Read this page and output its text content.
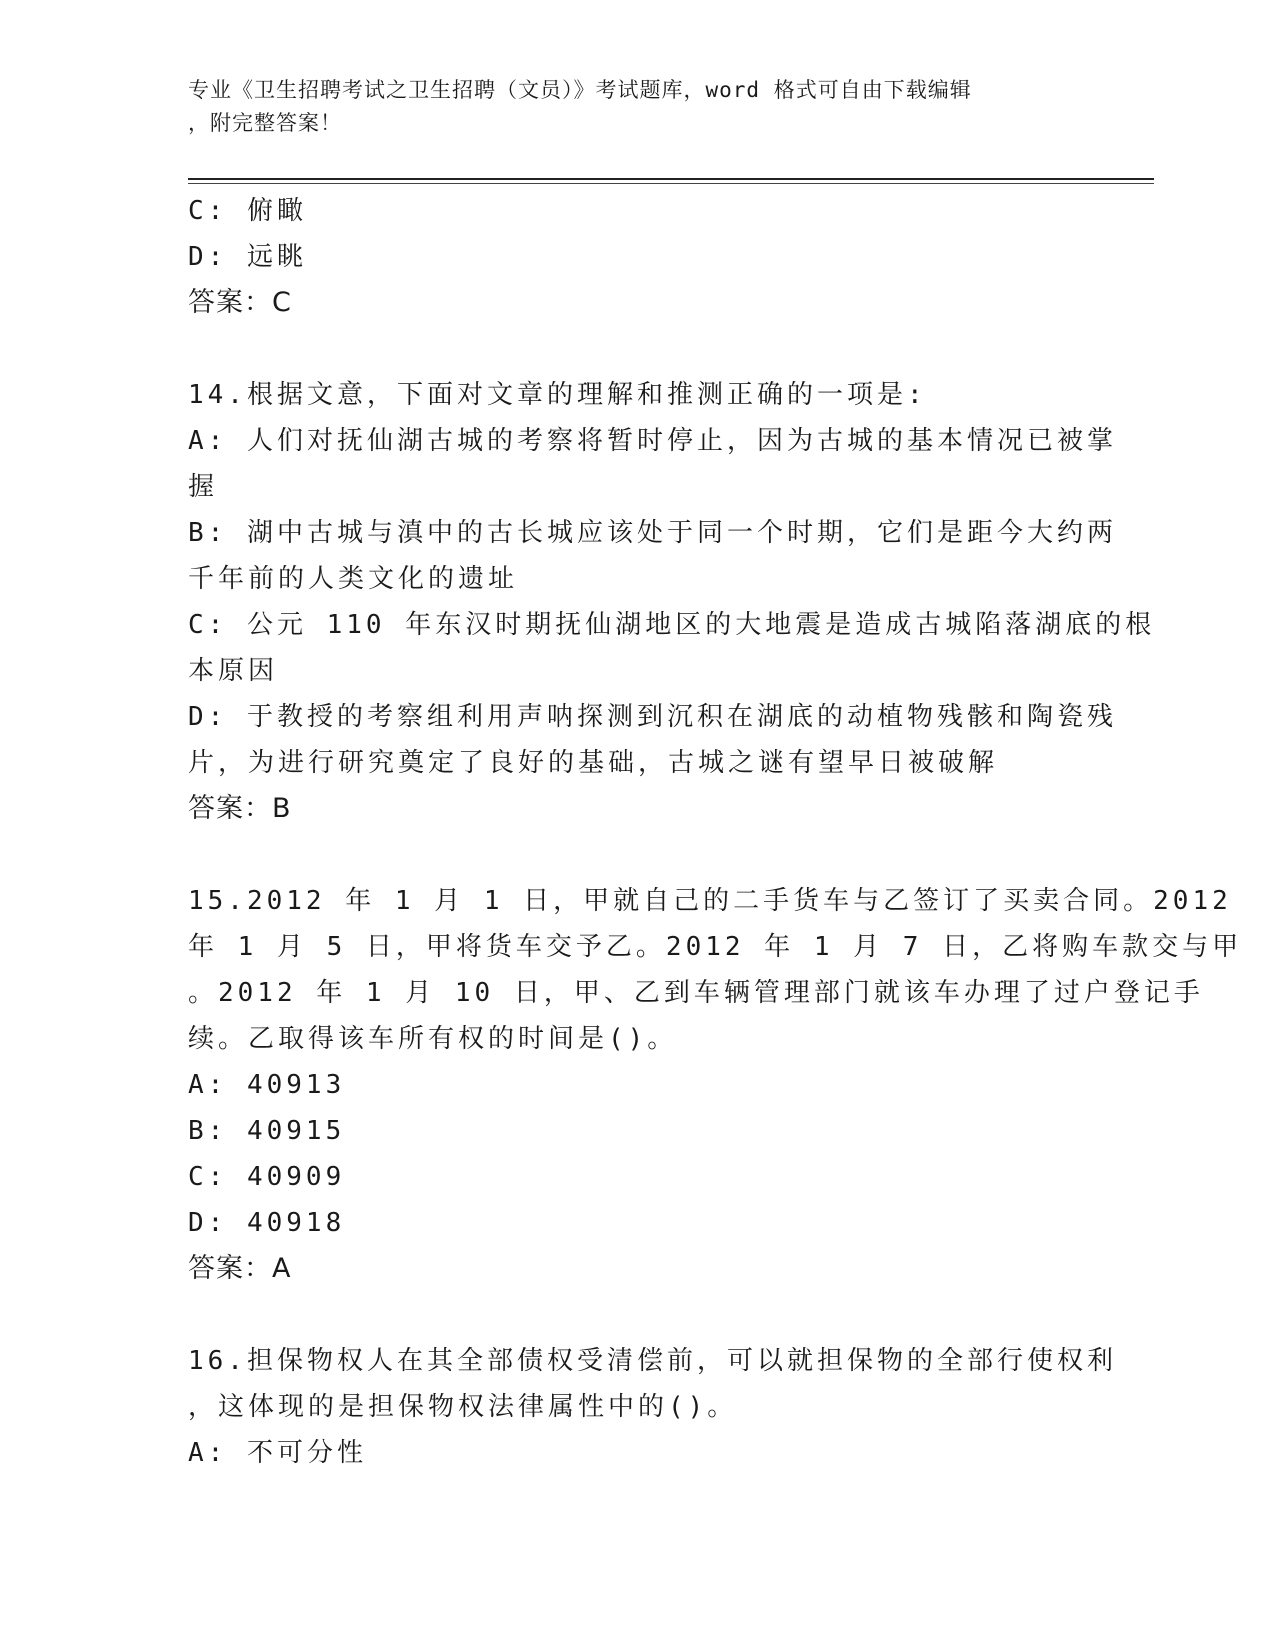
专业《卫生招聘考试之卫生招聘（文员）》考试题库，word 格式可自由下载编辑
，附完整答案！
C: 俯瞰
D: 远眺
答案：C
14.根据文意，下面对文章的理解和推测正确的一项是:
A: 人们对抚仙湖古城的考察将暂时停止，因为古城的基本情况已被掌
握
B: 湖中古城与滇中的古长城应该处于同一个时期，它们是距今大约两
千年前的人类文化的遗址
C: 公元 110 年东汉时期抚仙湖地区的大地震是造成古城陷落湖底的根
本原因
D: 于教授的考察组利用声呐探测到沉积在湖底的动植物残骸和陶瓷残
片，为进行研究奠定了良好的基础，古城之谜有望早日被破解
答案：B
15.2012 年 1 月 1 日，甲就自己的二手货车与乙签订了买卖合同。2012
年 1 月 5 日，甲将货车交予乙。2012 年 1 月 7 日，乙将购车款交与甲
。2012 年 1 月 10 日，甲、乙到车辆管理部门就该车办理了过户登记手
续。乙取得该车所有权的时间是()。
A: 40913
B: 40915
C: 40909
D: 40918
答案：A
16.担保物权人在其全部债权受清偿前，可以就担保物的全部行使权利
，这体现的是担保物权法律属性中的()。
A: 不可分性
